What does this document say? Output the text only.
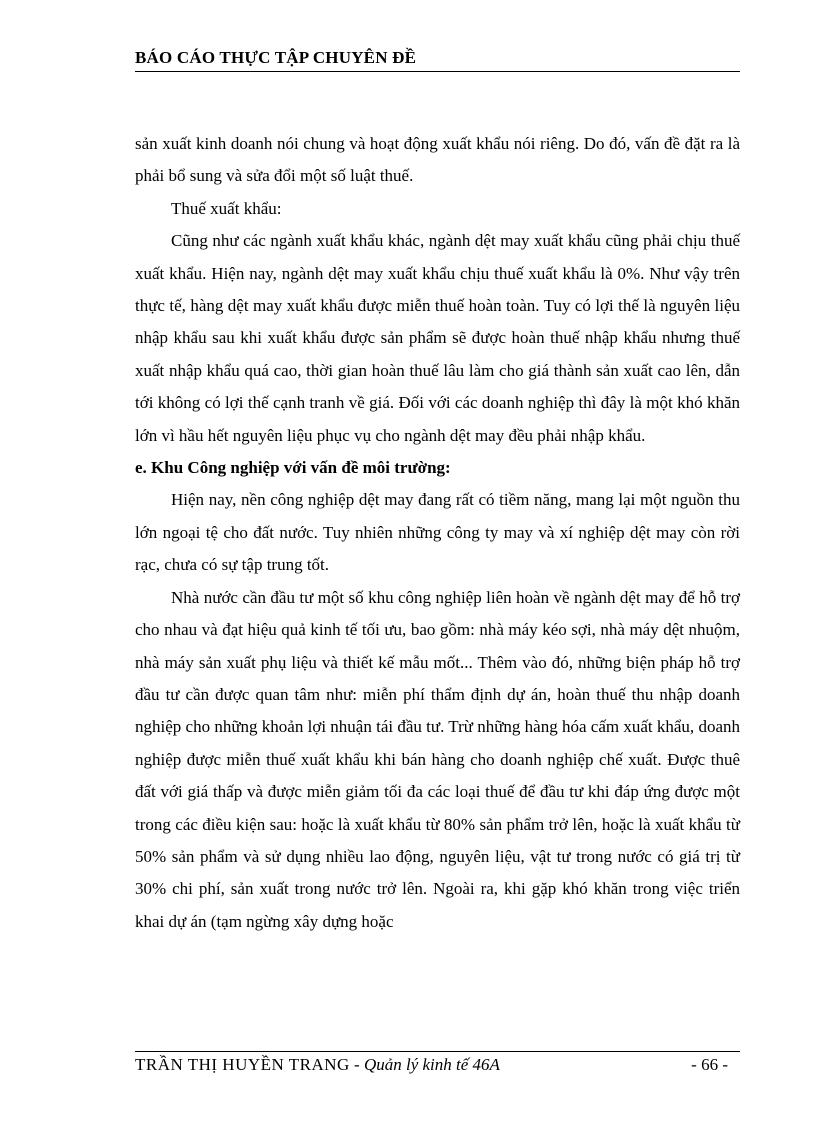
BÁO CÁO THỰC TẬP CHUYÊN ĐỀ

sản xuất kinh doanh nói chung và hoạt động xuất khẩu nói riêng. Do đó, vấn đề đặt ra là phải bổ sung và sửa đổi một số luật thuế.

Thuế xuất khẩu:

Cũng như các ngành xuất khẩu khác, ngành dệt may xuất khẩu cũng phải chịu thuế xuất khẩu. Hiện nay, ngành dệt may xuất khẩu chịu thuế xuất khẩu là 0%. Như vậy trên thực tế, hàng dệt may xuất khẩu được miễn thuế hoàn toàn. Tuy có lợi thế là nguyên liệu nhập khẩu sau khi xuất khẩu được sản phẩm sẽ được hoàn thuế nhập khẩu nhưng thuế xuất nhập khẩu quá cao, thời gian hoàn thuế lâu làm cho giá thành sản xuất cao lên, dẫn tới không có lợi thế cạnh tranh về giá. Đối với các doanh nghiệp thì đây là một khó khăn lớn vì hầu hết nguyên liệu phục vụ cho ngành dệt may đều phải nhập khẩu.

e. Khu Công nghiệp với vấn đề môi trường:

Hiện nay, nền công nghiệp dệt may đang rất có tiềm năng, mang lại một nguồn thu lớn ngoại tệ cho đất nước. Tuy nhiên những công ty may và xí nghiệp dệt may còn rời rạc, chưa có sự tập trung tốt.

Nhà nước cần đầu tư một số khu công nghiệp liên hoàn về ngành dệt may để hỗ trợ cho nhau và đạt hiệu quả kinh tế tối ưu, bao gồm: nhà máy kéo sợi, nhà máy dệt nhuộm, nhà máy sản xuất phụ liệu và thiết kế mẫu mốt... Thêm vào đó, những biện pháp hỗ trợ đầu tư cần được quan tâm như: miễn phí thẩm định dự án, hoàn thuế thu nhập doanh nghiệp cho những khoản lợi nhuận tái đầu tư. Trừ những hàng hóa cấm xuất khẩu, doanh nghiệp được miễn thuế xuất khẩu khi bán hàng cho doanh nghiệp chế xuất. Được thuê đất với giá thấp và được miễn giảm tối đa các loại thuế để đầu tư khi đáp ứng được một trong các điều kiện sau: hoặc là xuất khẩu từ 80% sản phẩm trở lên, hoặc là xuất khẩu từ 50% sản phẩm và sử dụng nhiều lao động, nguyên liệu, vật tư trong nước có giá trị từ 30% chi phí, sản xuất trong nước trở lên. Ngoài ra, khi gặp khó khăn trong việc triển khai dự án (tạm ngừng xây dựng hoặc

TRẦN THỊ HUYỀN TRANG - Quản lý kinh tế 46A	- 66 -
